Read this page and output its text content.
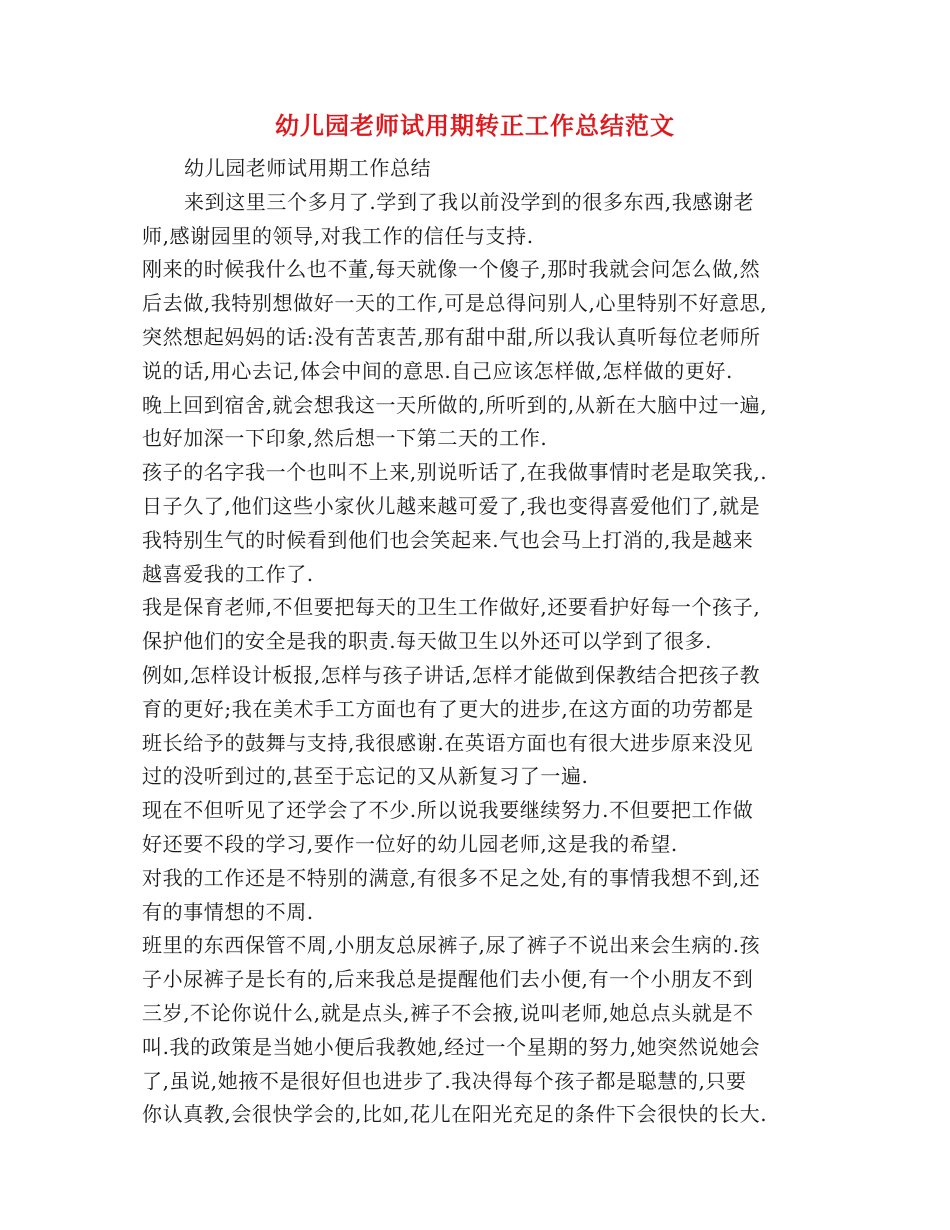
幼儿园老师试用期转正工作总结范文
幼儿园老师试用期工作总结
来到这里三个多月了.学到了我以前没学到的很多东西,我感谢老
师,感谢园里的领导,对我工作的信任与支持.
刚来的时候我什么也不董,每天就像一个傻子,那时我就会问怎么做,然
后去做,我特别想做好一天的工作,可是总得问别人,心里特别不好意思,
突然想起妈妈的话:没有苦衷苦,那有甜中甜,所以我认真听每位老师所
说的话,用心去记,体会中间的意思.自己应该怎样做,怎样做的更好.
晚上回到宿舍,就会想我这一天所做的,所听到的,从新在大脑中过一遍,
也好加深一下印象,然后想一下第二天的工作.
孩子的名字我一个也叫不上来,别说听话了,在我做事情时老是取笑我,.
日子久了,他们这些小家伙儿越来越可爱了,我也变得喜爱他们了,就是
我特别生气的时候看到他们也会笑起来.气也会马上打消的,我是越来
越喜爱我的工作了.
我是保育老师,不但要把每天的卫生工作做好,还要看护好每一个孩子,
保护他们的安全是我的职责.每天做卫生以外还可以学到了很多.
例如,怎样设计板报,怎样与孩子讲话,怎样才能做到保教结合把孩子教
育的更好;我在美术手工方面也有了更大的进步,在这方面的功劳都是
班长给予的鼓舞与支持,我很感谢.在英语方面也有很大进步原来没见
过的没听到过的,甚至于忘记的又从新复习了一遍.
现在不但听见了还学会了不少.所以说我要继续努力.不但要把工作做
好还要不段的学习,要作一位好的幼儿园老师,这是我的希望.
对我的工作还是不特别的满意,有很多不足之处,有的事情我想不到,还
有的事情想的不周.
班里的东西保管不周,小朋友总尿裤子,尿了裤子不说出来会生病的.孩
子小尿裤子是长有的,后来我总是提醒他们去小便,有一个小朋友不到
三岁,不论你说什么,就是点头,裤子不会掖,说叫老师,她总点头就是不
叫.我的政策是当她小便后我教她,经过一个星期的努力,她突然说她会
了,虽说,她掖不是很好但也进步了.我决得每个孩子都是聪慧的,只要
你认真教,会很快学会的,比如,花儿在阳光充足的条件下会很快的长大.
